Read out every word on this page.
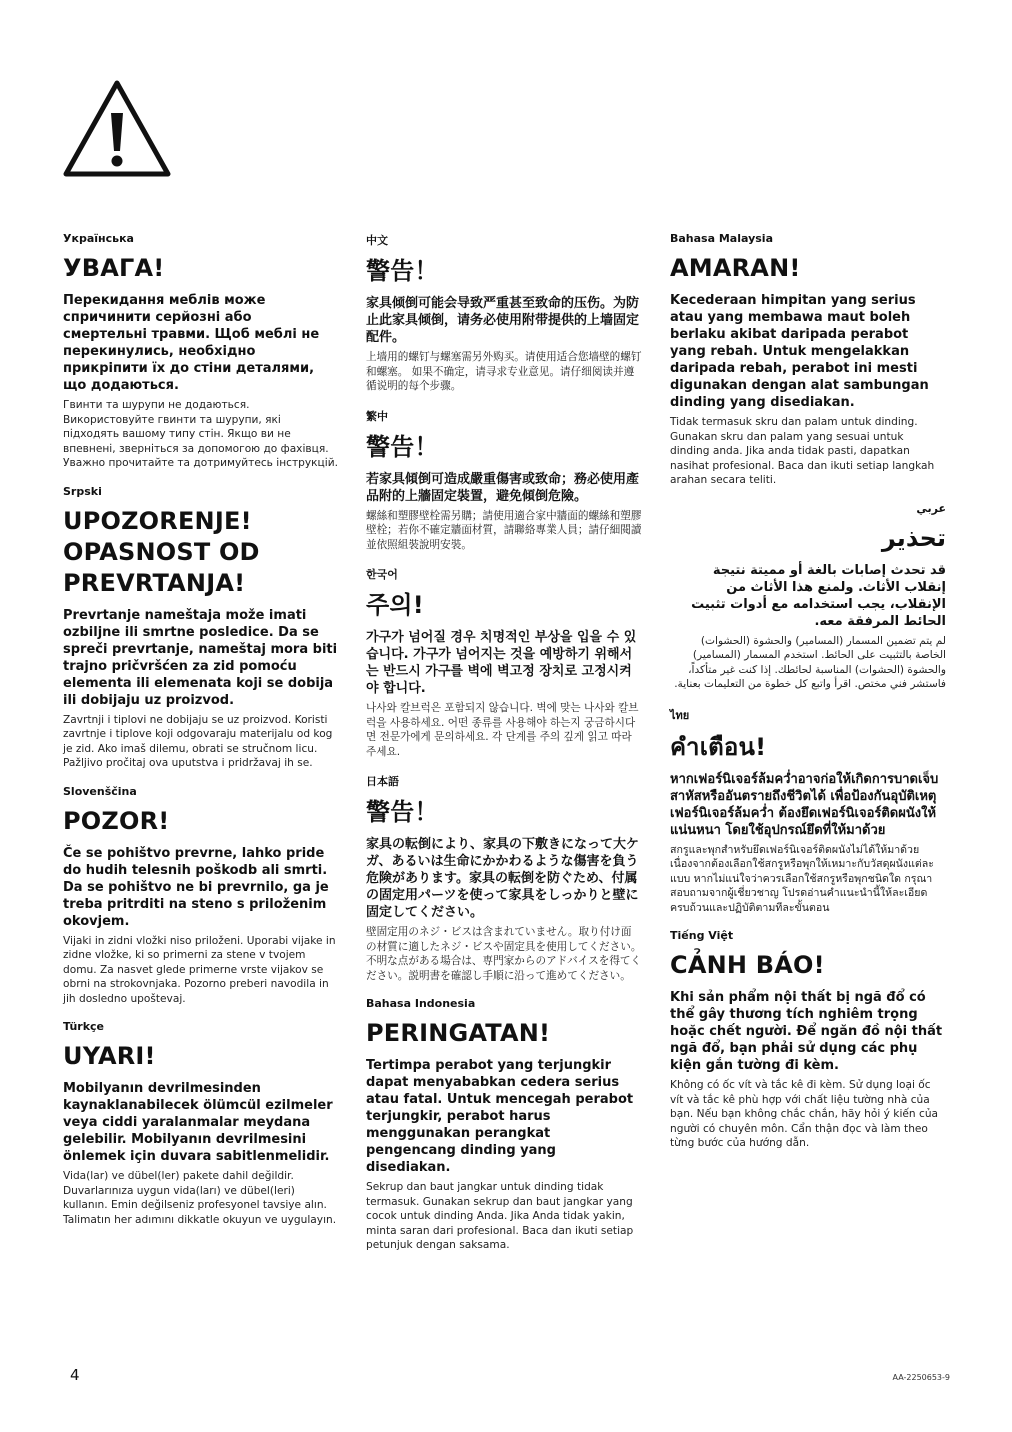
Українська
УВАГА!
Перекидання меблів може спричинити серйозні або смертельні травми. Щоб меблі не перекинулись, необхідно прикріпити їх до стіни деталями, що додаються.
Гвинти та шурупи не додаються. Використовуйте гвинти та шурупи, які підходять вашому типу стін. Якщо ви не впевнені, зверніться за допомогою до фахівця. Уважно прочитайте та дотримуйтесь інструкцій.
Srpski
UPOZORENJE! OPASNOST OD PREVRTANJA!
Prevrtanje nameštaja može imati ozbiljne ili smrtne posledice. Da se spreči prevrtanje, nameštaj mora biti trajno pričvršćen za zid pomoću elementa ili elemenata koji se dobija ili dobijaju uz proizvod.
Zavrtnji i tiplovi ne dobijaju se uz proizvod. Koristi zavrtnje i tiplove koji odgovaraju materijalu od kog je zid. Ako imaš dilemu, obrati se stručnom licu. Pažljivo pročitaj ova uputstva i pridržavaj ih se.
Slovenščina
POZOR!
Če se pohištvo prevrne, lahko pride do hudih telesnih poškodb ali smrti. Da se pohištvo ne bi prevrnilo, ga je treba pritrditi na steno s priloženim okovjem.
Vijaki in zidni vložki niso priloženi. Uporabi vijake in zidne vložke, ki so primerni za stene v tvojem domu. Za nasvet glede primerne vrste vijakov se obrni na strokovnjaka. Pozorno preberi navodila in jih dosledno upoštevaj.
Türkçe
UYARI!
Mobilyanın devrilmesinden kaynaklanabilecek ölümcül ezilmeler veya ciddi yaralanmalar meydana gelebilir. Mobilyanın devrilmesini önlemek için duvara sabitlenmelidir.
Vida(lar) ve dübel(ler) pakete dahil değildir. Duvarlarınıza uygun vida(ları) ve dübel(leri) kullanın. Emin değilseniz profesyonel tavsiye alın. Talimatın her adımını dikkatle okuyun ve uygulayın.
中文
警告！
家具倾倒可能会导致严重甚至致命的压伤。为防止此家具倾倒，请务必使用附带提供的上墙固定配件。
上墙用的螺钉与螺塞需另外购买。请使用适合您墙壁的螺钉和螺塞。 如果不确定，请寻求专业意见。请仔细阅读并遵循说明的每个步骤。
繁中
警告！
若家具傾倒可造成嚴重傷害或致命；務必使用產品附的上牆固定裝置，避免傾倒危險。
螺絲和塑膠壁栓需另購；請使用適合家中牆面的螺絲和塑膠壁栓；若你不確定牆面材質，請聯絡專業人員；請仔細閱讀並依照組裝說明安裝。
한국어
주의!
가구가 넘어질 경우 치명적인 부상을 입을 수 있습니다. 가구가 넘어지는 것을 예방하기 위해서는 반드시 가구를 벽에 벽고정 장치로 고정시켜야 합니다.
나사와 칼브럭은 포함되지 않습니다. 벽에 맞는 나사와 칼브럭을 사용하세요. 어떤 종류를 사용해야 하는지 궁금하시다면 전문가에게 문의하세요. 각 단계를 주의 깊게 읽고 따라 주세요.
日本語
警告！
家具の転倒により、家具の下敷きになって大ケガ、あるいは生命にかかわるような傷害を負う危険があります。家具の転倒を防ぐため、付属の固定用パーツを使って家具をしっかりと壁に固定してください。
壁固定用のネジ・ビスは含まれていません。取り付け面の材質に適したネジ・ビスや固定具を使用してください。不明な点がある場合は、専門家からのアドバイスを得てください。説明書を確認し手順に沿って進めてください。
Bahasa Indonesia
PERINGATAN!
Tertimpa perabot yang terjungkir dapat menyababkan cedera serius atau fatal. Untuk mencegah perabot terjungkir, perabot harus menggunakan perangkat pengencang dinding yang disediakan.
Sekrup dan baut jangkar untuk dinding tidak termasuk. Gunakan sekrup dan baut jangkar yang cocok untuk dinding Anda. Jika Anda tidak yakin, minta saran dari profesional. Baca dan ikuti setiap petunjuk dengan saksama.
Bahasa Malaysia
AMARAN!
Kecederaan himpitan yang serius atau yang membawa maut boleh berlaku akibat daripada perabot yang rebah. Untuk mengelakkan daripada rebah, perabot ini mesti digunakan dengan alat sambungan dinding yang disediakan.
Tidak termasuk skru dan palam untuk dinding. Gunakan skru dan palam yang sesuai untuk dinding anda. Jika anda tidak pasti, dapatkan nasihat profesional. Baca dan ikuti setiap langkah arahan secara teliti.
عربي
تحذير
قد تحدث إصابات بالغة أو مميتة نتيجة إنقلاب الأثاث. ولمنع هذا الأثاث من الإنقلاب، يجب استخدامه مع أدوات تثبيت الحائط المرفقة معه.
لم يتم تضمين المسمار (المسامير) والحشوة (الحشوات) الخاصة بالتثبيت على الحائط. استخدم المسمار (المسامير) والحشوة (الحشوات) المناسبة لحائطك. إذا كنت غير متأكداً، فاستشر فني مختص. اقرأ واتبع كل خطوة من التعليمات بعناية.
ไทย
คำเตือน!
หากเฟอร์นิเจอร์ล้มคว่ำอาจก่อให้เกิดการบาดเจ็บสาหัสหรืออันตรายถึงชีวิตได้ เพื่อป้องกันอุบัติเหตุเฟอร์นิเจอร์ล้มคว่ำ ต้องยึดเฟอร์นิเจอร์ติดผนังให้แน่นหนา โดยใช้อุปกรณ์ยึดที่ให้มาด้วย
สกรูและพุกสำหรับยึดเฟอร์นิเจอร์ติดผนังไม่ได้ให้มาด้วย เนื่องจากต้องเลือกใช้สกรูหรือพุกให้เหมาะกับวัสดุผนังแต่ละแบบ หากไม่แน่ใจว่าควรเลือกใช้สกรูหรือพุกชนิดใด กรุณาสอบถามจากผู้เชี่ยวชาญ โปรดอ่านคำแนะนำนี้ให้ละเอียดครบถ้วนและปฏิบัติตามทีละขั้นตอน
Tiếng Việt
CẢNH BÁO!
Khi sản phẩm nội thất bị ngã đổ có thể gây thương tích nghiêm trọng hoặc chết người. Để ngăn đồ nội thất ngã đổ, bạn phải sử dụng các phụ kiện gắn tường đi kèm.
Không có ốc vít và tắc kê đi kèm. Sử dụng loại ốc vít và tắc kê phù hợp với chất liệu tường nhà của bạn. Nếu bạn không chắc chắn, hãy hỏi ý kiến của người có chuyên môn. Cẩn thận đọc và làm theo từng bước của hướng dẫn.
4	AA-2250653-9
